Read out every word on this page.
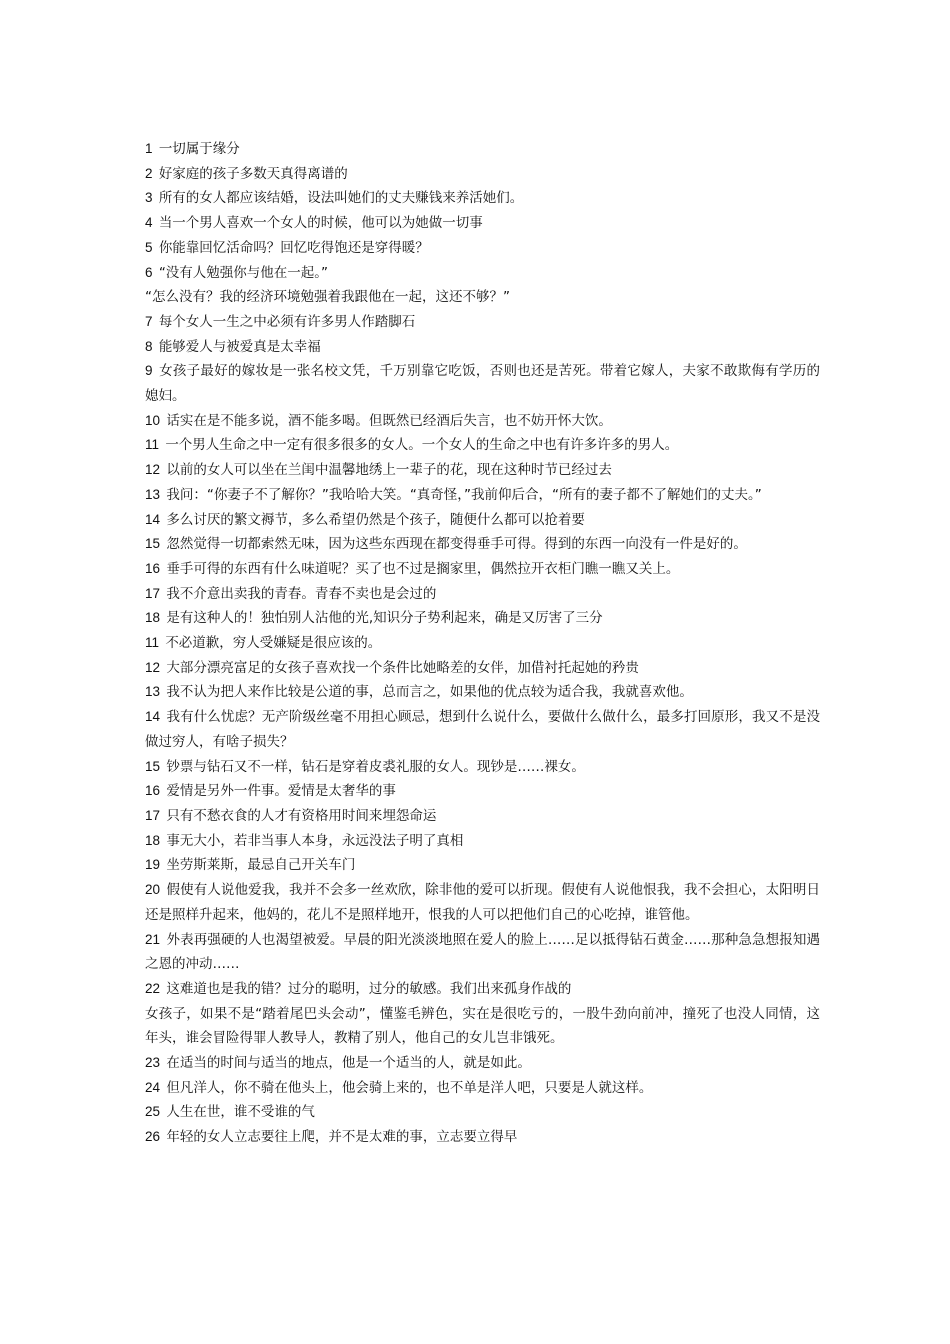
1 一切属于缘分
2 好家庭的孩子多数天真得离谱的
3 所有的女人都应该结婚，设法叫她们的丈夫赚钱来养活她们。
4 当一个男人喜欢一个女人的时候，他可以为她做一切事
5 你能靠回忆活命吗？回忆吃得饱还是穿得暖？
6 “没有人勉强你与他在一起。”
“怎么没有？我的经济环境勉强着我跟他在一起，这还不够？”
7 每个女人一生之中必须有许多男人作踏脚石
8 能够爱人与被爱真是太幸福
9 女孩子最好的嫁妆是一张名校文凭，千万别靠它吃饭，否则也还是苦死。带着它嫁人，夫家不敢欺侮有学历的媳妇。
10 话实在是不能多说，酒不能多喝。但既然已经酒后失言，也不妨开怀大饮。
11 一个男人生命之中一定有很多很多的女人。一个女人的生命之中也有许多许多的男人。
12 以前的女人可以坐在兰闺中温馨地绣上一辈子的花，现在这种时节已经过去
13 我问：“你妻子不了解你？”我哈哈大笑。“真奇怪，”我前仰后合，“所有的妻子都不了解她们的丈夫。”
14 多么讨厌的繁文褥节，多么希望仍然是个孩子，随便什么都可以抢着要
15 忽然觉得一切都索然无味，因为这些东西现在都变得垂手可得。得到的东西一向没有一件是好的。
16 垂手可得的东西有什么味道呢？买了也不过是搁家里，偶然拉开衣柜门瞧一瞧又关上。
17 我不介意出卖我的青春。青春不卖也是会过的
18 是有这种人的！独怕别人沾他的光,知识分子势利起来，确是又厉害了三分
11 不必道歉，穷人受嫌疑是很应该的。
12 大部分漂亮富足的女孩子喜欢找一个条件比她略差的女伴，加借衬托起她的矜贵
13 我不认为把人来作比较是公道的事，总而言之，如果他的优点较为适合我，我就喜欢他。
14 我有什么忧虑？无产阶级丝毫不用担心顾忌，想到什么说什么，要做什么做什么，最多打回原形，我又不是没做过穷人，有啥子损失？
15 钞票与钻石又不一样，钻石是穿着皮裘礼服的女人。现钞是……裸女。
16 爱情是另外一件事。爱情是太奢华的事
17 只有不愁衣食的人才有资格用时间来埋怨命运
18 事无大小，若非当事人本身，永远没法子明了真相
19 坐劳斯莱斯，最忌自己开关车门
20 假使有人说他爱我，我并不会多一丝欢欣，除非他的爱可以折现。假使有人说他恨我，我不会担心，太阳明日还是照样升起来，他妈的，花儿不是照样地开，恨我的人可以把他们自己的心吃掉，谁管他。
21 外表再强硬的人也渴望被爱。早晨的阳光淡淡地照在爱人的脸上……足以抵得钻石黄金……那种急急想报知遇之恩的冲动……
22 这难道也是我的错？过分的聪明，过分的敏感。我们出来孤身作战的
女孩子，如果不是“踏着尾巴头会动”，懂鉴毛辨色，实在是很吃亏的，一股牛劲向前冲，撞死了也没人同情，这年头，谁会冒险得罪人教导人，教精了别人，他自己的女儿岂非饿死。
23 在适当的时间与适当的地点，他是一个适当的人，就是如此。
24 但凡洋人，你不骑在他头上，他会骑上来的，也不单是洋人吧，只要是人就这样。
25 人生在世，谁不受谁的气
26 年轻的女人立志要往上爬，并不是太难的事，立志要立得早
